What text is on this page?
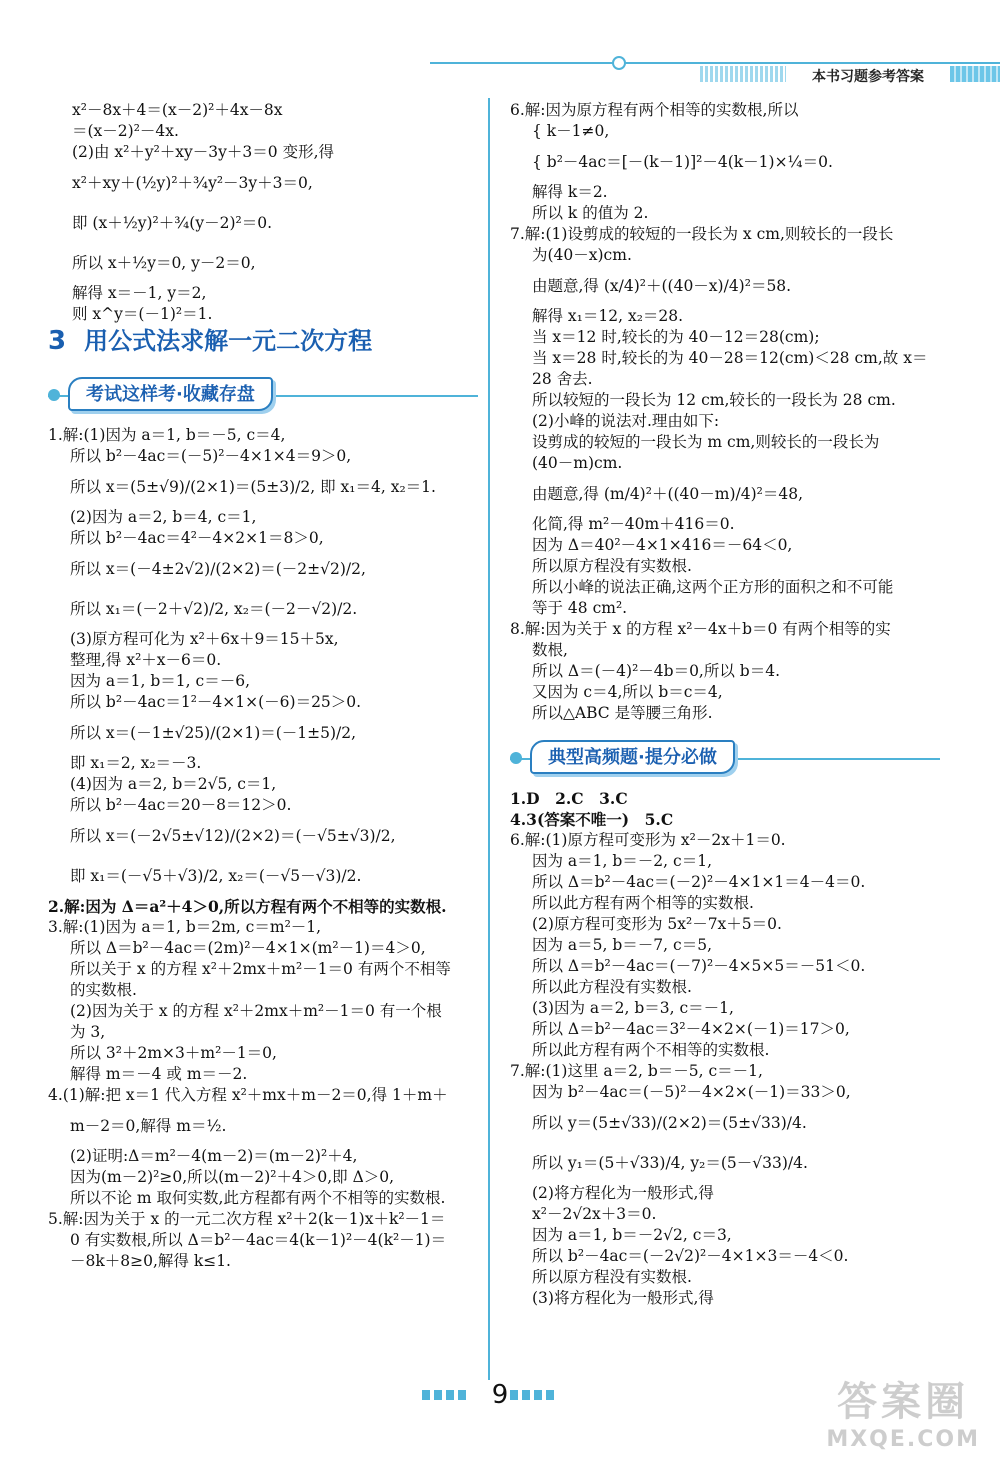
本书习题参考答案
x²－8x＋4＝(x－2)²＋4x－8x
＝(x－2)²－4x.
(2)由 x²＋y²＋xy－3y＋3＝0 变形,得
x²＋xy＋(½y)²＋¾y²－3y＋3＝0,
即 (x＋½y)²＋¾(y－2)²＝0.
所以 x＋½y＝0, y－2＝0,
解得 x＝－1, y＝2,
则 x^y＝(－1)²＝1.
3 用公式法求解一元二次方程
考试这样考·收藏存盘
1.解:(1)因为 a＝1, b＝－5, c＝4,
所以 b²－4ac＝(－5)²－4×1×4＝9＞0,
所以 x＝(5±√9)/(2×1)＝(5±3)/2, 即 x₁＝4, x₂＝1.
(2)因为 a＝2, b＝4, c＝1,
所以 b²－4ac＝4²－4×2×1＝8＞0,
所以 x＝(－4±2√2)/(2×2)＝(－2±√2)/2,
所以 x₁＝(－2＋√2)/2, x₂＝(－2－√2)/2.
(3)原方程可化为 x²＋6x＋9＝15＋5x,
整理,得 x²＋x－6＝0.
因为 a＝1, b＝1, c＝－6,
所以 b²－4ac＝1²－4×1×(－6)＝25＞0.
所以 x＝(－1±√25)/(2×1)＝(－1±5)/2,
即 x₁＝2, x₂＝－3.
(4)因为 a＝2, b＝2√5, c＝1,
所以 b²－4ac＝20－8＝12＞0.
所以 x＝(－2√5±√12)/(2×2)＝(－√5±√3)/2,
即 x₁＝(－√5＋√3)/2, x₂＝(－√5－√3)/2.
2.解:因为 Δ＝a²＋4＞0,所以方程有两个不相等的实数根.
3.解:(1)因为 a＝1, b＝2m, c＝m²－1,
所以 Δ＝b²－4ac＝(2m)²－4×1×(m²－1)＝4＞0,
所以关于 x 的方程 x²＋2mx＋m²－1＝0 有两个不相等
的实数根.
(2)因为关于 x 的方程 x²＋2mx＋m²－1＝0 有一个根
为 3,
所以 3²＋2m×3＋m²－1＝0,
解得 m＝－4 或 m＝－2.
4.(1)解:把 x＝1 代入方程 x²＋mx＋m－2＝0,得 1＋m＋
m－2＝0,解得 m＝½.
(2)证明:Δ＝m²－4(m－2)＝(m－2)²＋4,
因为(m－2)²≥0,所以(m－2)²＋4＞0,即 Δ＞0,
所以不论 m 取何实数,此方程都有两个不相等的实数根.
5.解:因为关于 x 的一元二次方程 x²＋2(k－1)x＋k²－1＝
0 有实数根,所以 Δ＝b²－4ac＝4(k－1)²－4(k²－1)＝
－8k＋8≥0,解得 k≤1.
6.解:因为原方程有两个相等的实数根,所以
{ k－1≠0,
{ b²－4ac＝[－(k－1)]²－4(k－1)×¼＝0.
解得 k＝2.
所以 k 的值为 2.
7.解:(1)设剪成的较短的一段长为 x cm,则较长的一段长
为(40－x)cm.
由题意,得 (x/4)²＋((40－x)/4)²＝58.
解得 x₁＝12, x₂＝28.
当 x＝12 时,较长的为 40－12＝28(cm);
当 x＝28 时,较长的为 40－28＝12(cm)＜28 cm,故 x＝
28 舍去.
所以较短的一段长为 12 cm,较长的一段长为 28 cm.
(2)小峰的说法对.理由如下:
设剪成的较短的一段长为 m cm,则较长的一段长为
(40－m)cm.
由题意,得 (m/4)²＋((40－m)/4)²＝48,
化简,得 m²－40m＋416＝0.
因为 Δ＝40²－4×1×416＝－64＜0,
所以原方程没有实数根.
所以小峰的说法正确,这两个正方形的面积之和不可能
等于 48 cm².
8.解:因为关于 x 的方程 x²－4x＋b＝0 有两个相等的实
数根,
所以 Δ＝(－4)²－4b＝0,所以 b＝4.
又因为 c＝4,所以 b＝c＝4,
所以△ABC 是等腰三角形.
典型高频题·提分必做
1.D　2.C　3.C
4.3(答案不唯一)　5.C
6.解:(1)原方程可变形为 x²－2x＋1＝0.
因为 a＝1, b＝－2, c＝1,
所以 Δ＝b²－4ac＝(－2)²－4×1×1＝4－4＝0.
所以此方程有两个相等的实数根.
(2)原方程可变形为 5x²－7x＋5＝0.
因为 a＝5, b＝－7, c＝5,
所以 Δ＝b²－4ac＝(－7)²－4×5×5＝－51＜0.
所以此方程没有实数根.
(3)因为 a＝2, b＝3, c＝－1,
所以 Δ＝b²－4ac＝3²－4×2×(－1)＝17＞0,
所以此方程有两个不相等的实数根.
7.解:(1)这里 a＝2, b＝－5, c＝－1,
因为 b²－4ac＝(－5)²－4×2×(－1)＝33＞0,
所以 y＝(5±√33)/(2×2)＝(5±√33)/4.
所以 y₁＝(5＋√33)/4, y₂＝(5－√33)/4.
(2)将方程化为一般形式,得
x²－2√2x＋3＝0.
因为 a＝1, b＝－2√2, c＝3,
所以 b²－4ac＝(－2√2)²－4×1×3＝－4＜0.
所以原方程没有实数根.
(3)将方程化为一般形式,得
9	答案圈
MXQE.COM
